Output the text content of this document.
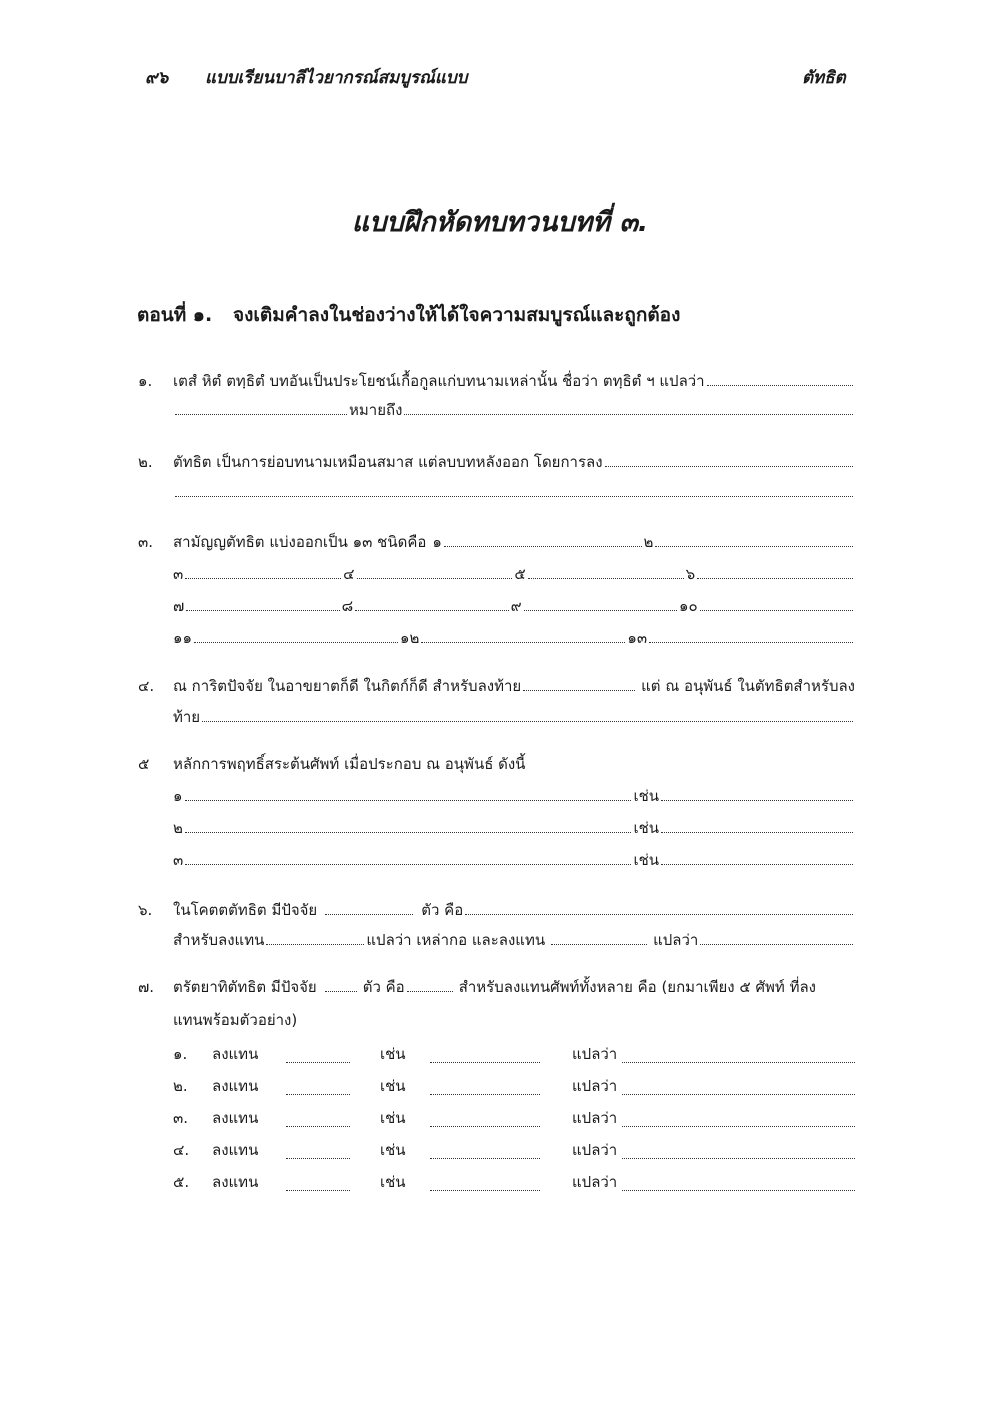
๙๖ แบบเรียนบาลีไวยากรณ์สมบูรณ์แบบ	ตัทธิต
แบบฝึกหัดทบทวนบทที่ ๓.
ตอนที่ ๑. จงเติมคำลงในช่องว่างให้ได้ใจความสมบูรณ์และถูกต้อง
๑. เตสํ หิตํ ตทฺธิตํ บทอันเป็นประโยชน์เกื้อกูลแก่บทนามเหล่านั้น ชื่อว่า ตทฺธิตํ ฯ แปลว่า
หมายถึง
๒. ตัทธิต เป็นการย่อบทนามเหมือนสมาส แต่ลบบทหลังออก โดยการลง
๓. สามัญญตัทธิต แบ่งออกเป็น ๑๓ ชนิดคือ ๑	๒
๓	๔	๕	๖
๗	๘	๙	๑๐
๑๑	๑๒	๑๓
๔. ณ การิตปัจจัย ในอาขยาตก็ดี ในกิตก์ก็ดี สำหรับลงท้าย	แต่ ณ อนุพันธ์ ในตัทธิตสำหรับลง
ท้าย
๕ หลักการพฤทธิ์สระต้นศัพท์ เมื่อประกอบ ณ อนุพันธ์ ดังนี้
๑	เช่น
๒	เช่น
๓	เช่น
๖. ในโคตตตัทธิต มีปัจจัย	ตัว คือ
สำหรับลงแทน	แปลว่า เหล่ากอ และลงแทน	แปลว่า
๗. ตรัตยาทิตัทธิต มีปัจจัย	ตัว คือ	สำหรับลงแทนศัพท์ทั้งหลาย คือ (ยกมาเพียง ๕ ศัพท์ ที่ลง
แทนพร้อมตัวอย่าง)
๑. ลงแทน	เช่น	แปลว่า
๒. ลงแทน	เช่น	แปลว่า
๓. ลงแทน	เช่น	แปลว่า
๔. ลงแทน	เช่น	แปลว่า
๕. ลงแทน	เช่น	แปลว่า
